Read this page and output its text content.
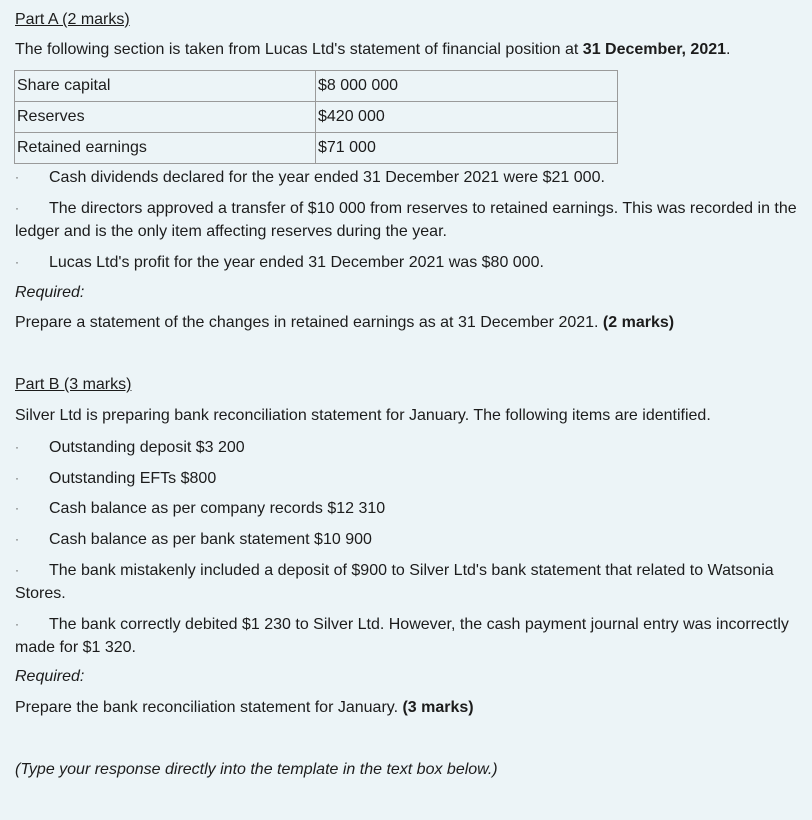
Part A (2 marks)
The following section is taken from Lucas Ltd's statement of financial position at 31 December, 2021.
Share capital	$8 000 000
Reserves	$420 000
Retained earnings	$71 000
·	Cash dividends declared for the year ended 31 December 2021 were $21 000.
·	The directors approved a transfer of $10 000 from reserves to retained earnings. This was recorded in the ledger and is the only item affecting reserves during the year.
·	Lucas Ltd's profit for the year ended 31 December 2021 was $80 000.
Required:
Prepare a statement of the changes in retained earnings as at 31 December 2021. (2 marks)
Part B (3 marks)
Silver Ltd is preparing bank reconciliation statement for January. The following items are identified.
·	Outstanding deposit $3 200
·	Outstanding EFTs $800
·	Cash balance as per company records $12 310
·	Cash balance as per bank statement $10 900
·	The bank mistakenly included a deposit of $900 to Silver Ltd's bank statement that related to Watsonia Stores.
·	The bank correctly debited $1 230 to Silver Ltd. However, the cash payment journal entry was incorrectly made for $1 320.
Required:
Prepare the bank reconciliation statement for January. (3 marks)
(Type your response directly into the template in the text box below.)
